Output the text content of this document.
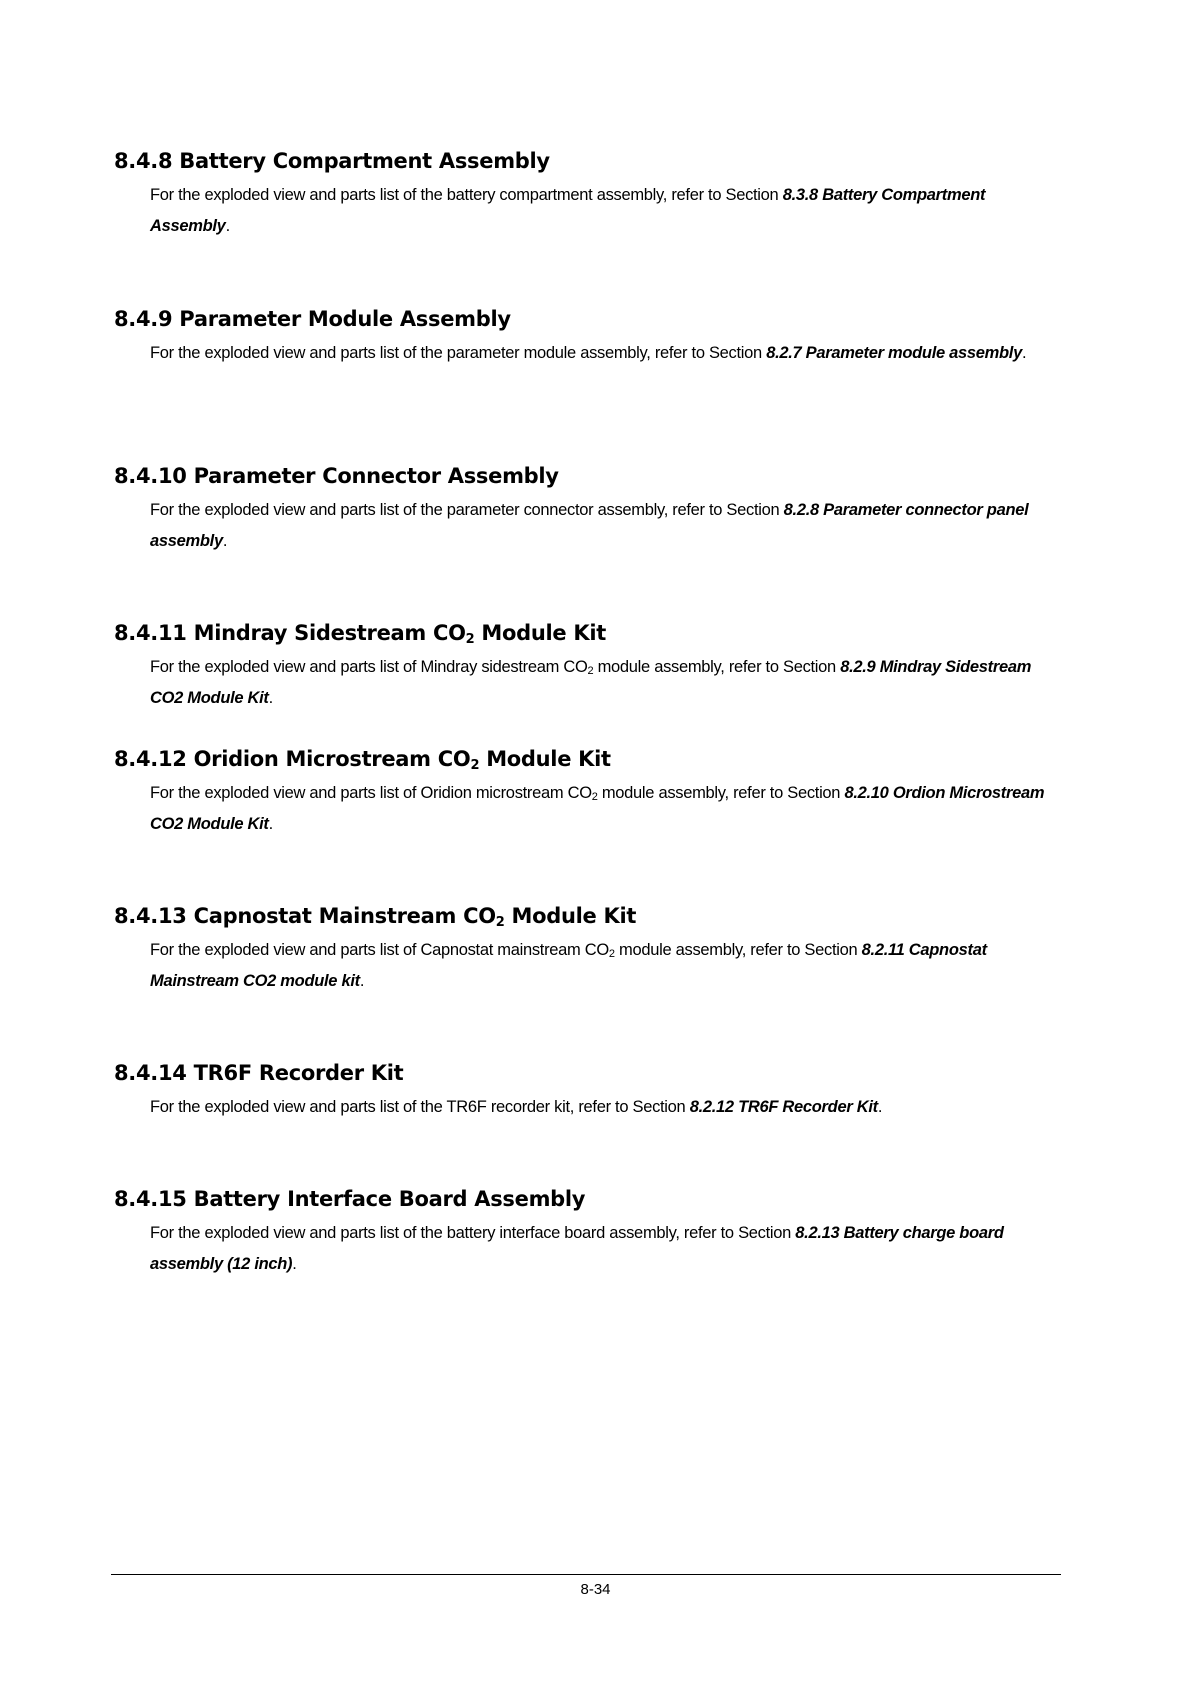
8.4.8 Battery Compartment Assembly

For the exploded view and parts list of the battery compartment assembly, refer to Section 8.3.8 Battery Compartment Assembly.

8.4.9 Parameter Module Assembly

For the exploded view and parts list of the parameter module assembly, refer to Section 8.2.7 Parameter module assembly.

8.4.10 Parameter Connector Assembly

For the exploded view and parts list of the parameter connector assembly, refer to Section 8.2.8 Parameter connector panel assembly.

8.4.11 Mindray Sidestream $CO_2$ Module Kit

For the exploded view and parts list of Mindray sidestream $CO_2$ module assembly, refer to Section 8.2.9 Mindray Sidestream CO2 Module Kit.

8.4.12 Oridion Microstream $CO_2$ Module Kit

For the exploded view and parts list of Oridion microstream $CO_2$ module assembly, refer to Section 8.2.10 Ordion Microstream CO2 Module Kit.

8.4.13 Capnostat Mainstream $CO_2$ Module Kit

For the exploded view and parts list of Capnostat mainstream $CO_2$ module assembly, refer to Section 8.2.11 Capnostat Mainstream CO2 module kit.

8.4.14 TR6F Recorder Kit

For the exploded view and parts list of the TR6F recorder kit, refer to Section 8.2.12 TR6F Recorder Kit.

8.4.15 Battery Interface Board Assembly

For the exploded view and parts list of the battery interface board assembly, refer to Section 8.2.13 Battery charge board assembly (12 inch).

8-34
